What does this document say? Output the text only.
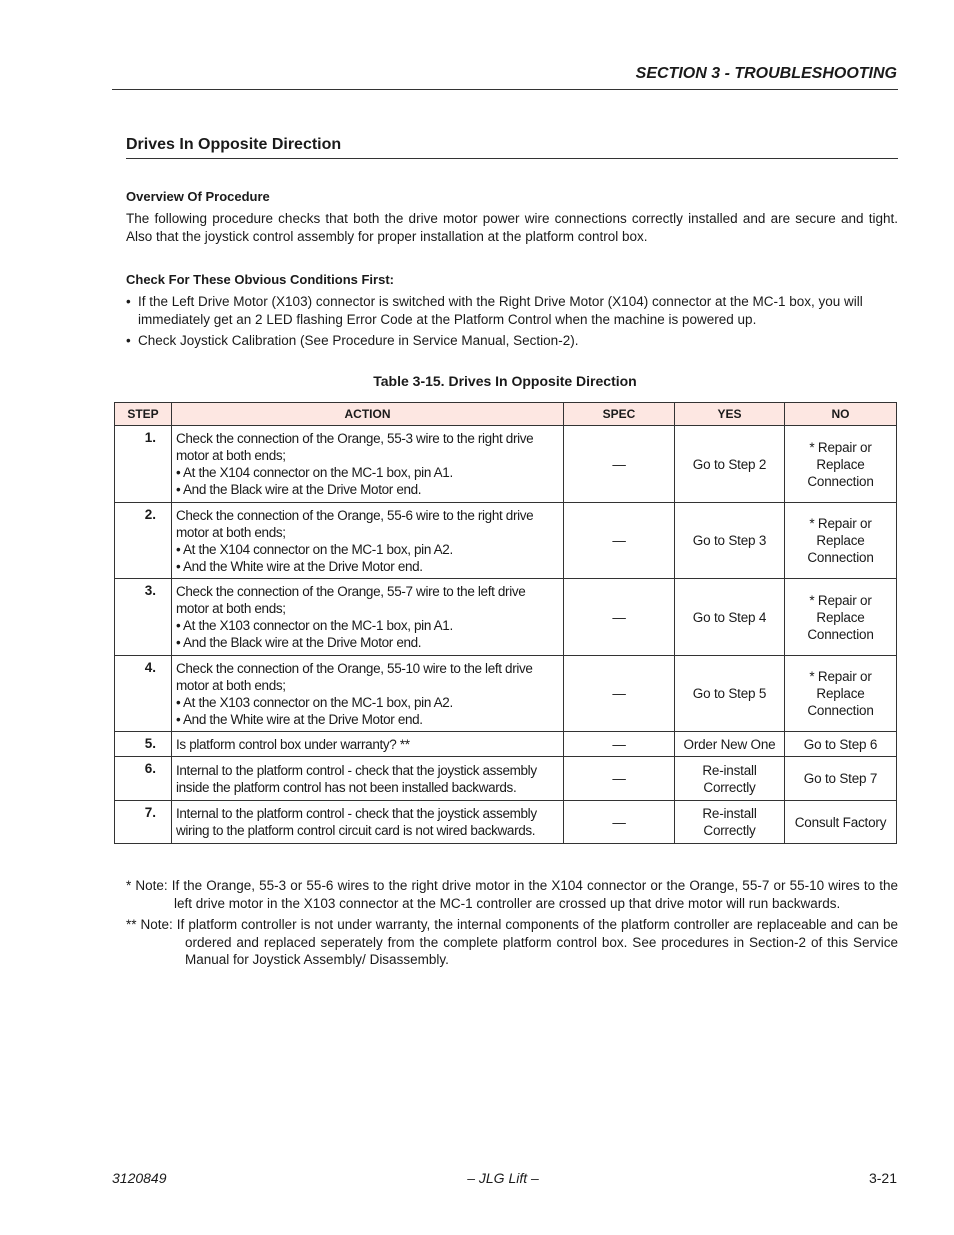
SECTION 3 - TROUBLESHOOTING
Drives In Opposite Direction
Overview Of Procedure
The following procedure checks that both the drive motor power wire connections correctly installed and are secure and tight. Also that the joystick control assembly for proper installation at the platform control box.
Check For These Obvious Conditions First:
• If the Left Drive Motor (X103) connector is switched with the Right Drive Motor (X104) connector at the MC-1 box, you will immediately get an 2 LED flashing Error Code at the Platform Control when the machine is powered up.
• Check Joystick Calibration (See Procedure in Service Manual, Section-2).
Table 3-15. Drives In Opposite Direction
STEP	ACTION	SPEC	YES	NO
1.	Check the connection of the Orange, 55-3 wire to the right drive motor at both ends;
• At the X104 connector on the MC-1 box, pin A1.
• And the Black wire at the Drive Motor end.	—	Go to Step 2	* Repair or Replace Connection
2.	Check the connection of the Orange, 55-6 wire to the right drive motor at both ends;
• At the X104 connector on the MC-1 box, pin A2.
• And the White wire at the Drive Motor end.	—	Go to Step 3	* Repair or Replace Connection
3.	Check the connection of the Orange, 55-7 wire to the left drive motor at both ends;
• At the X103 connector on the MC-1 box, pin A1.
• And the Black wire at the Drive Motor end.	—	Go to Step 4	* Repair or Replace Connection
4.	Check the connection of the Orange, 55-10 wire to the left drive motor at both ends;
• At the X103 connector on the MC-1 box, pin A2.
• And the White wire at the Drive Motor end.	—	Go to Step 5	* Repair or Replace Connection
5.	Is platform control box under warranty? **	—	Order New One	Go to Step 6
6.	Internal to the platform control - check that the joystick assembly inside the platform control has not been installed backwards.	—	Re-install Correctly	Go to Step 7
7.	Internal to the platform control - check that the joystick assembly wiring to the platform control circuit card is not wired backwards.	—	Re-install Correctly	Consult Factory
* Note: If the Orange, 55-3 or 55-6 wires to the right drive motor in the X104 connector or the Orange, 55-7 or 55-10 wires to the left drive motor in the X103 connector at the MC-1 controller are crossed up that drive motor will run backwards.
** Note: If platform controller is not under warranty, the internal components of the platform controller are replaceable and can be ordered and replaced seperately from the complete platform control box. See procedures in Section-2 of this Service Manual for Joystick Assembly/ Disassembly.
3120849	– JLG Lift –	3-21
